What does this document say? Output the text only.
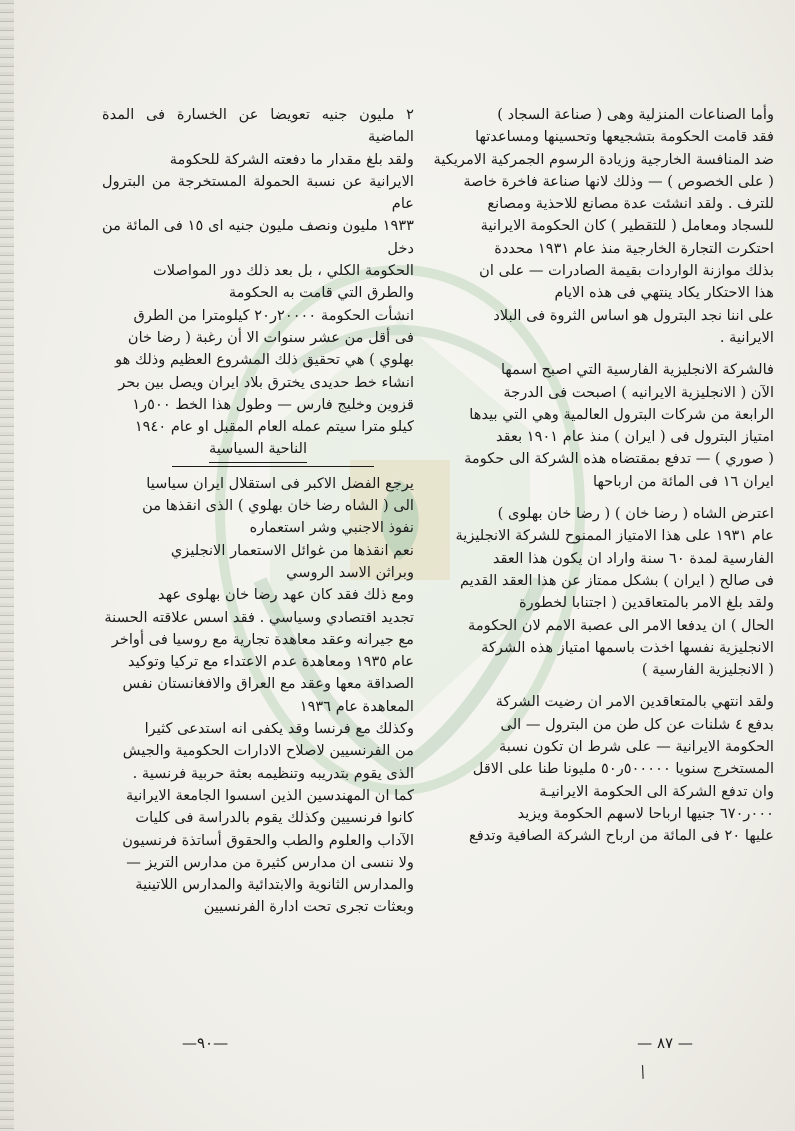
وأما الصناعات المنزلية وهى ( صناعة السجاد )

فقد قامت الحكومة بتشجيعها وتحسينها ومساعدتها

ضد المنافسة الخارجية وزيادة الرسوم الجمركية الامريكية

( على الخصوص ) — وذلك لانها صناعة فاخرة خاصة

للترف . ولقد انشئت عدة مصانع للاحذية ومصانع

للسجاد ومعامل ( للتقطير ) كان الحكومة الايرانية

احتكرت التجارة الخارجية منذ عام ١٩٣١ محددة

بذلك موازنة الواردات بقيمة الصادرات — على ان

هذا الاحتكار يكاد ينتهي فى هذه الايام

على اننا نجد البترول هو اساس الثروة فى البلاد

الايرانية .

فالشركة الانجليزية الفارسية التي اصبح اسمها

الآن ( الانجليزية الايرانيه ) اصبحت فى الدرجة

الرابعة من شركات البترول العالمية وهي التي بيدها

امتياز البترول فى ( ايران ) منذ عام ١٩٠١ بعقد

( صوري ) — تدفع بمقتضاه هذه الشركة الى حكومة

ايران ١٦ فى المائة من ارباحها

اعترض الشاه ( رضا خان ) ( رضا خان بهلوى )

عام ١٩٣١ على هذا الامتياز الممنوح للشركة الانجليزية

الفارسية لمدة ٦٠ سنة واراد ان يكون هذا العقد

فى صالح ( ايران ) بشكل ممتاز عن هذا العقد القديم

ولقد بلغ الامر بالمتعاقدين ( اجتنابا لخطورة

الحال ) ان يدفعا الامر الى عصبة الامم لان الحكومة

الانجليزية نفسها اخذت باسمها امتياز هذه الشركة

( الانجليزية الفارسية )

ولقد انتهي بالمتعاقدين الامر ان رضيت الشركة

بدفع ٤ شلنات عن كل طن من البترول — الى

الحكومة الايرانية — على شرط ان تكون نسبة

المستخرج سنويا ٥٠٠٠٠٠ر٥٠ مليونا طنا على الاقل

وان تدفع الشركة الى الحكومة الايرانيـة

٠٠٠ر٦٧٠ جنيها ارباحا لاسهم الحكومة ويزيد

عليها ٢٠ فى المائة من ارباح الشركة الصافية وتدفع

٢ مليون جنيه تعويضا عن الخسارة فى المدة الماضية

ولقد بلغ مقدار ما دفعته الشركة للحكومة

الايرانية عن نسبة الحمولة المستخرجة من البترول عام

١٩٣٣ مليون ونصف مليون جنيه اى ١٥ فى المائة من دخل

الحكومة الكلي ، بل بعد ذلك دور المواصلات

والطرق التي قامت به الحكومة

انشأت الحكومة ٢٠٠٠٠ر٢٠ كيلومترا من الطرق

فى أقل من عشر سنوات الا أن رغبة ( رضا خان

بهلوي ) هي تحقيق ذلك المشروع العظيم وذلك هو

انشاء خط حديدى يخترق بلاد ايران ويصل بين بحر

قزوين وخليج فارس — وطول هذا الخط ٥٠٠ر١

كيلو مترا سيتم عمله العام المقبل او عام ١٩٤٠

الناحية السياسية

يرجع الفضل الاكبر فى استقلال ايران سياسيا

الى ( الشاه رضا خان بهلوي ) الذى انقذها من

نفوذ الاجنبي وشر استعماره

نعم انقذها من غوائل الاستعمار الانجليزي

وبراثن الاسد الروسي

ومع ذلك فقد كان عهد رضا خان بهلوى عهد

تجديد اقتصادي وسياسي . فقد اسس علاقته الحسنة

مع جيرانه وعقد معاهدة تجارية مع روسيا فى أواخر

عام ١٩٣٥ ومعاهدة عدم الاعتداء مع تركيا وتوكيد

الصداقة معها وعقد مع العراق والافغانستان نفس

المعاهدة عام ١٩٣٦

وكذلك مع فرنسا وقد يكفى انه استدعى كثيرا

من الفرنسيين لاصلاح الادارات الحكومية والجيش

الذى يقوم بتدريبه وتنظيمه بعثة حربية فرنسية .

كما ان المهندسين الذين اسسوا الجامعة الايرانية

كانوا فرنسيين وكذلك يقوم بالدراسة فى كليات

الآداب والعلوم والطب والحقوق أساتذة فرنسيون

ولا ننسى ان مدارس كثيرة من مدارس التريز —

والمدارس الثانوية والابتدائية والمدارس اللاتينية

وبعثات تجرى تحت ادارة الفرنسيين

— ٨٧ —
—٩٠—
/
